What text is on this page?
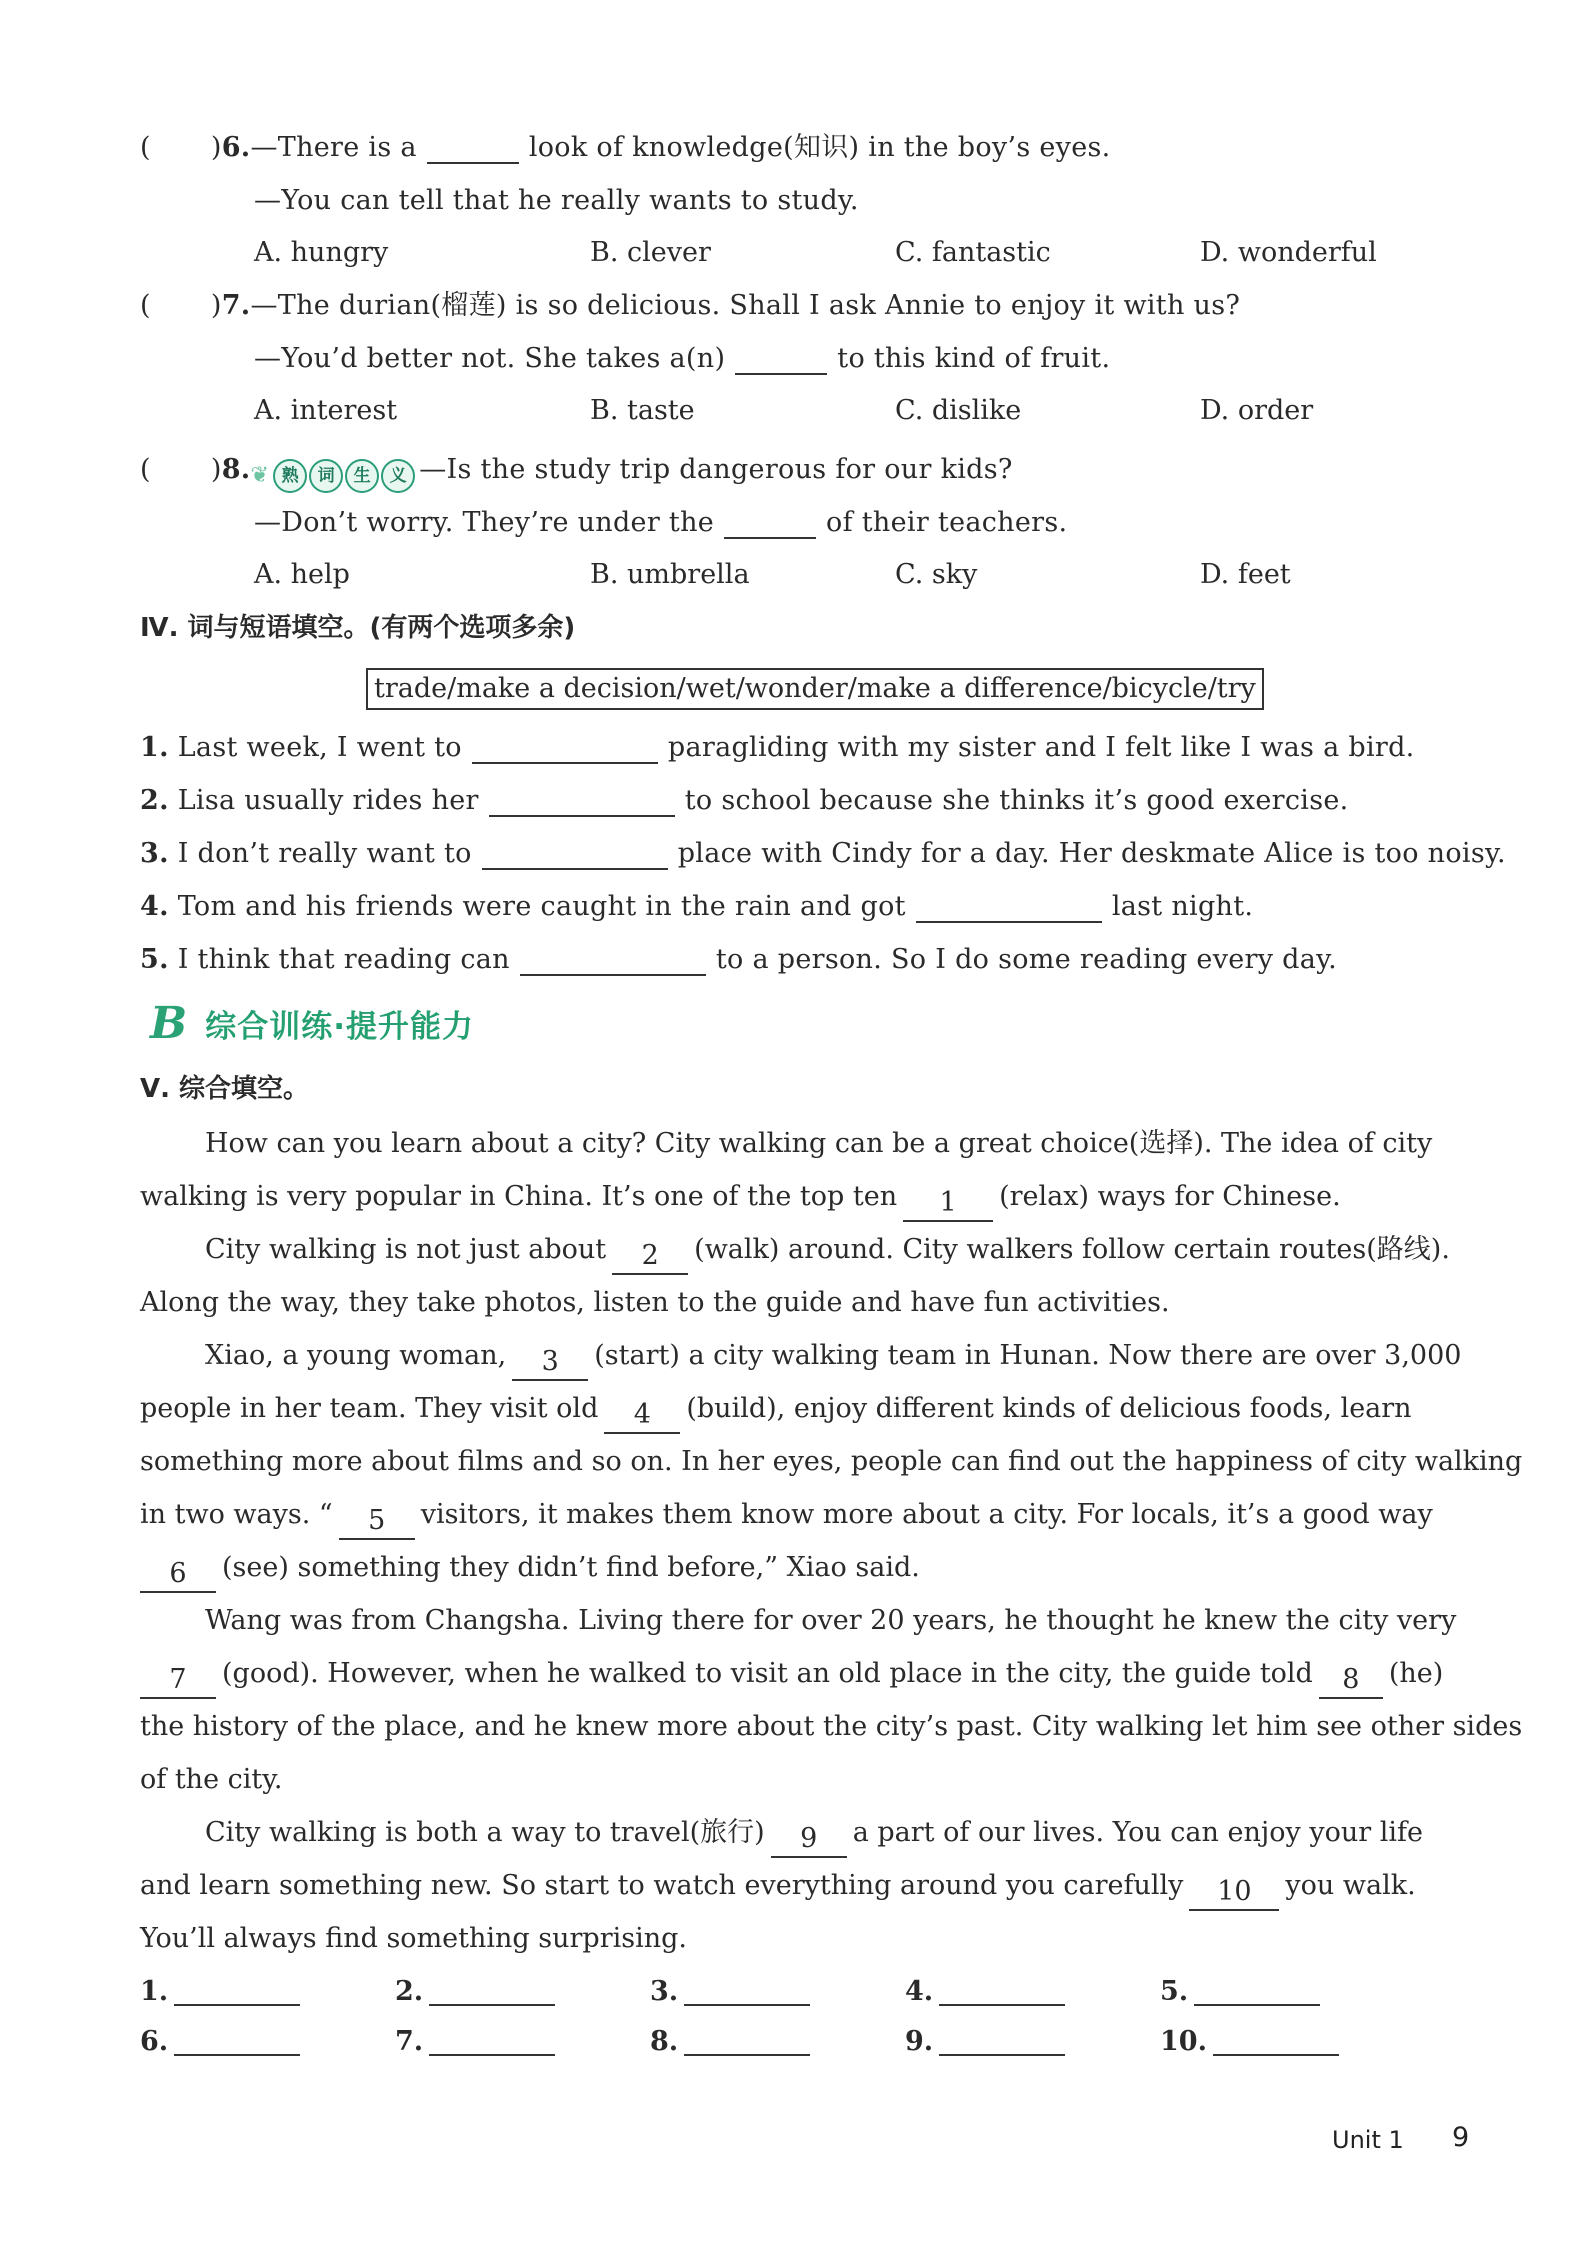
( )6.—There is a	look of knowledge(知识) in the boy’s eyes.
—You can tell that he really wants to study.
A. hungry	B. clever	C. fantastic	D. wonderful
( )7.—The durian(榴莲) is so delicious. Shall I ask Annie to enjoy it with us?
—You’d better not. She takes a(n)	to this kind of fruit.
A. interest	B. taste	C. dislike	D. order
( )8. ❦ 熟	词	生	义 —Is the study trip dangerous for our kids?
—Don’t worry. They’re under the	of their teachers.
A. help	B. umbrella	C. sky	D. feet
Ⅳ. 词与短语填空。(有两个选项多余)
trade/make a decision/wet/wonder/make a difference/bicycle/try
1. Last week, I went to	paragliding with my sister and I felt like I was a bird.
2. Lisa usually rides her	to school because she thinks it’s good exercise.
3. I don’t really want to	place with Cindy for a day. Her deskmate Alice is too noisy.
4. Tom and his friends were caught in the rain and got	last night.
5. I think that reading can	to a person. So I do some reading every day.
B 综合训练·提升能力
Ⅴ. 综合填空。
How can you learn about a city? City walking can be a great choice(选择). The idea of city
walking is very popular in China. It’s one of the top ten 1 (relax) ways for Chinese.
City walking is not just about 2 (walk) around. City walkers follow certain routes(路线).
Along the way, they take photos, listen to the guide and have fun activities.
Xiao, a young woman, 3 (start) a city walking team in Hunan. Now there are over 3,000
people in her team. They visit old 4 (build), enjoy different kinds of delicious foods, learn
something more about films and so on. In her eyes, people can find out the happiness of city walking
in two ways. “ 5 visitors, it makes them know more about a city. For locals, it’s a good way
6 (see) something they didn’t find before,” Xiao said.
Wang was from Changsha. Living there for over 20 years, he thought he knew the city very
7 (good). However, when he walked to visit an old place in the city, the guide told 8 (he)
the history of the place, and he knew more about the city’s past. City walking let him see other sides
of the city.
City walking is both a way to travel(旅行) 9 a part of our lives. You can enjoy your life
and learn something new. So start to watch everything around you carefully 10 you walk.
You’ll always find something surprising.
1.	2.	3.	4.	5.
6.	7.	8.	9.	10.
Unit 1 9
